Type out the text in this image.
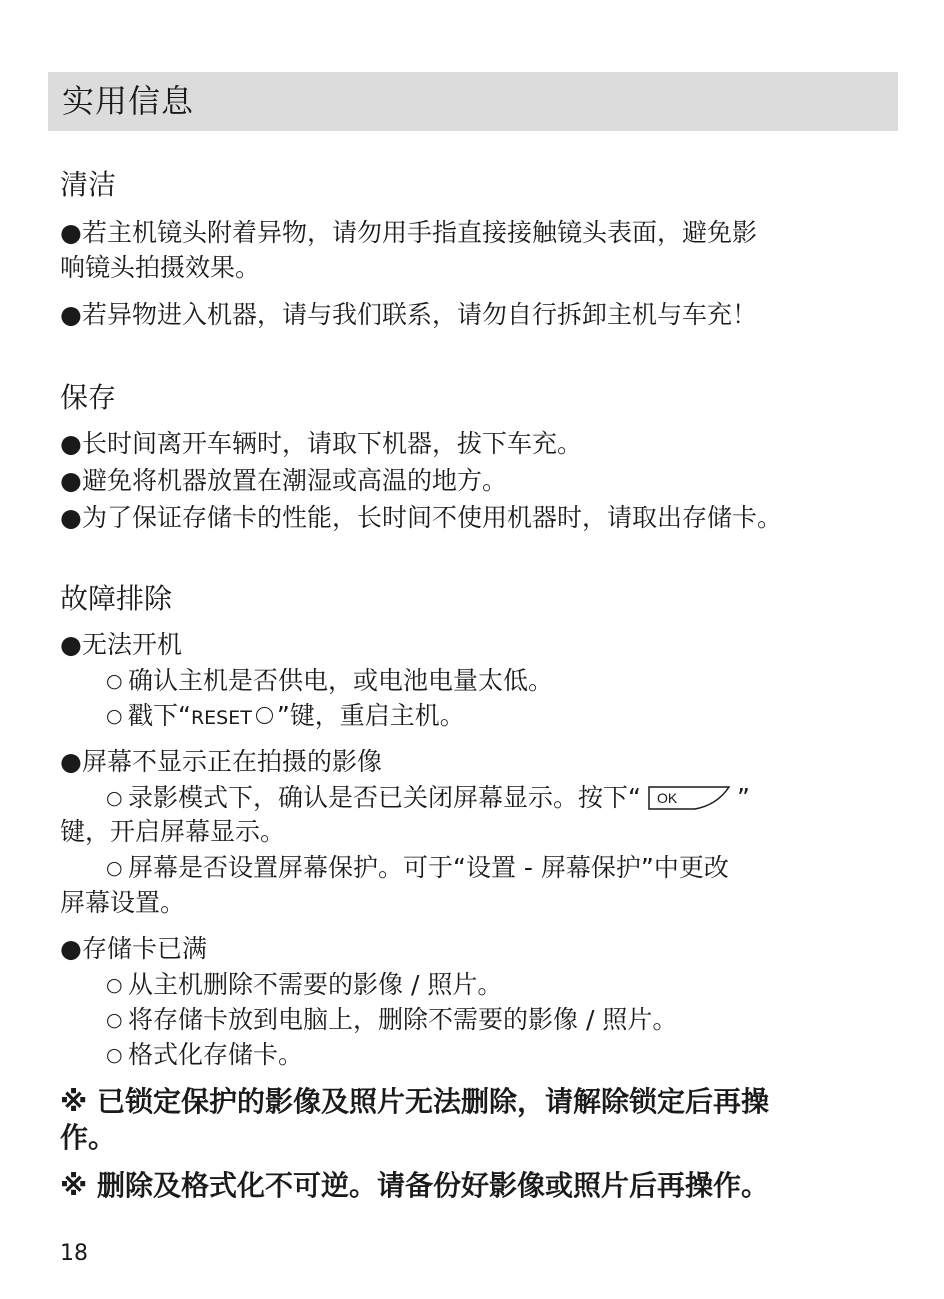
实用信息
清洁
●若主机镜头附着异物，请勿用手指直接接触镜头表面，避免影
响镜头拍摄效果。
●若异物进入机器，请与我们联系，请勿自行拆卸主机与车充！
保存
●长时间离开车辆时，请取下机器，拔下车充。
●避免将机器放置在潮湿或高温的地方。
●为了保证存储卡的性能，长时间不使用机器时，请取出存储卡。
故障排除
●无法开机
○ 确认主机是否供电，或电池电量太低。
○ 戳下“RESET ”键，重启主机。
●屏幕不显示正在拍摄的影像
○ 录影模式下，确认是否已关闭屏幕显示。按下“ OK ”
键，开启屏幕显示。
○ 屏幕是否设置屏幕保护。可于“设置 - 屏幕保护”中更改
屏幕设置。
●存储卡已满
○ 从主机删除不需要的影像 / 照片。
○ 将存储卡放到电脑上，删除不需要的影像 / 照片。
○ 格式化存储卡。
※ 已锁定保护的影像及照片无法删除，请解除锁定后再操
作。
※ 删除及格式化不可逆。请备份好影像或照片后再操作。
18
